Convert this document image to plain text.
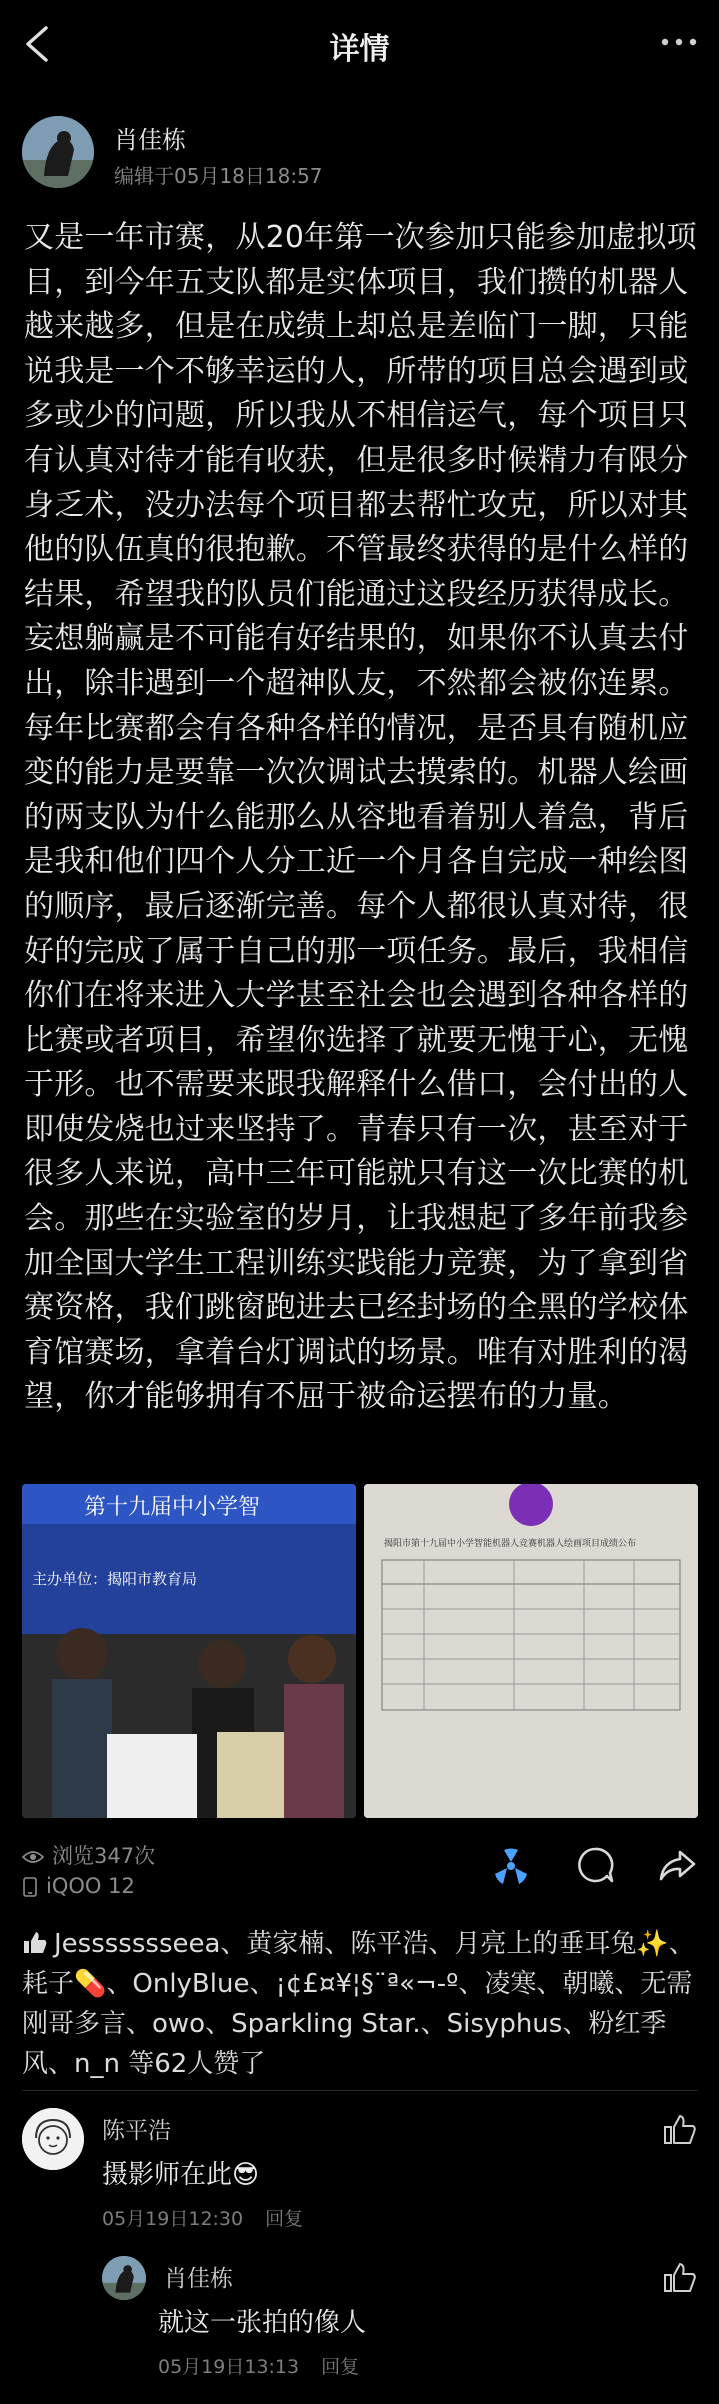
详情
肖佳栋
编辑于05月18日18:57
又是一年市赛，从20年第一次参加只能参加虚拟项目，到今年五支队都是实体项目，我们攒的机器人越来越多，但是在成绩上却总是差临门一脚，只能说我是一个不够幸运的人，所带的项目总会遇到或多或少的问题，所以我从不相信运气，每个项目只有认真对待才能有收获，但是很多时候精力有限分身乏术，没办法每个项目都去帮忙攻克，所以对其他的队伍真的很抱歉。不管最终获得的是什么样的结果，希望我的队员们能通过这段经历获得成长。妄想躺赢是不可能有好结果的，如果你不认真去付出，除非遇到一个超神队友，不然都会被你连累。每年比赛都会有各种各样的情况，是否具有随机应变的能力是要靠一次次调试去摸索的。机器人绘画的两支队为什么能那么从容地看着别人着急，背后是我和他们四个人分工近一个月各自完成一种绘图的顺序，最后逐渐完善。每个人都很认真对待，很好的完成了属于自己的那一项任务。最后，我相信你们在将来进入大学甚至社会也会遇到各种各样的比赛或者项目，希望你选择了就要无愧于心，无愧于形。也不需要来跟我解释什么借口，会付出的人即使发烧也过来坚持了。青春只有一次，甚至对于很多人来说，高中三年可能就只有这一次比赛的机会。那些在实验室的岁月，让我想起了多年前我参加全国大学生工程训练实践能力竞赛，为了拿到省赛资格，我们跳窗跑进去已经封场的全黑的学校体育馆赛场，拿着台灯调试的场景。唯有对胜利的渴望，你才能够拥有不屈于被命运摆布的力量。
第十九届中小学智
主办单位：揭阳市教育局
揭阳市第十九届中小学智能机器人竞赛机器人绘画项目成绩公布
浏览347次
iQOO 12
Jessssssseea、黄家楠、陈平浩、月亮上的垂耳兔✨、耗子💊、OnlyBlue、¡¢£¤¥¦§¨ª«¬-º、凌寒、朝曦、无需刚哥多言、owo、Sparkling Star.、Sisyphus、粉红季风、n_n 等62人赞了
陈平浩
摄影师在此😎
05月19日12:30 回复
肖佳栋
就这一张拍的像人
05月19日13:13 回复
